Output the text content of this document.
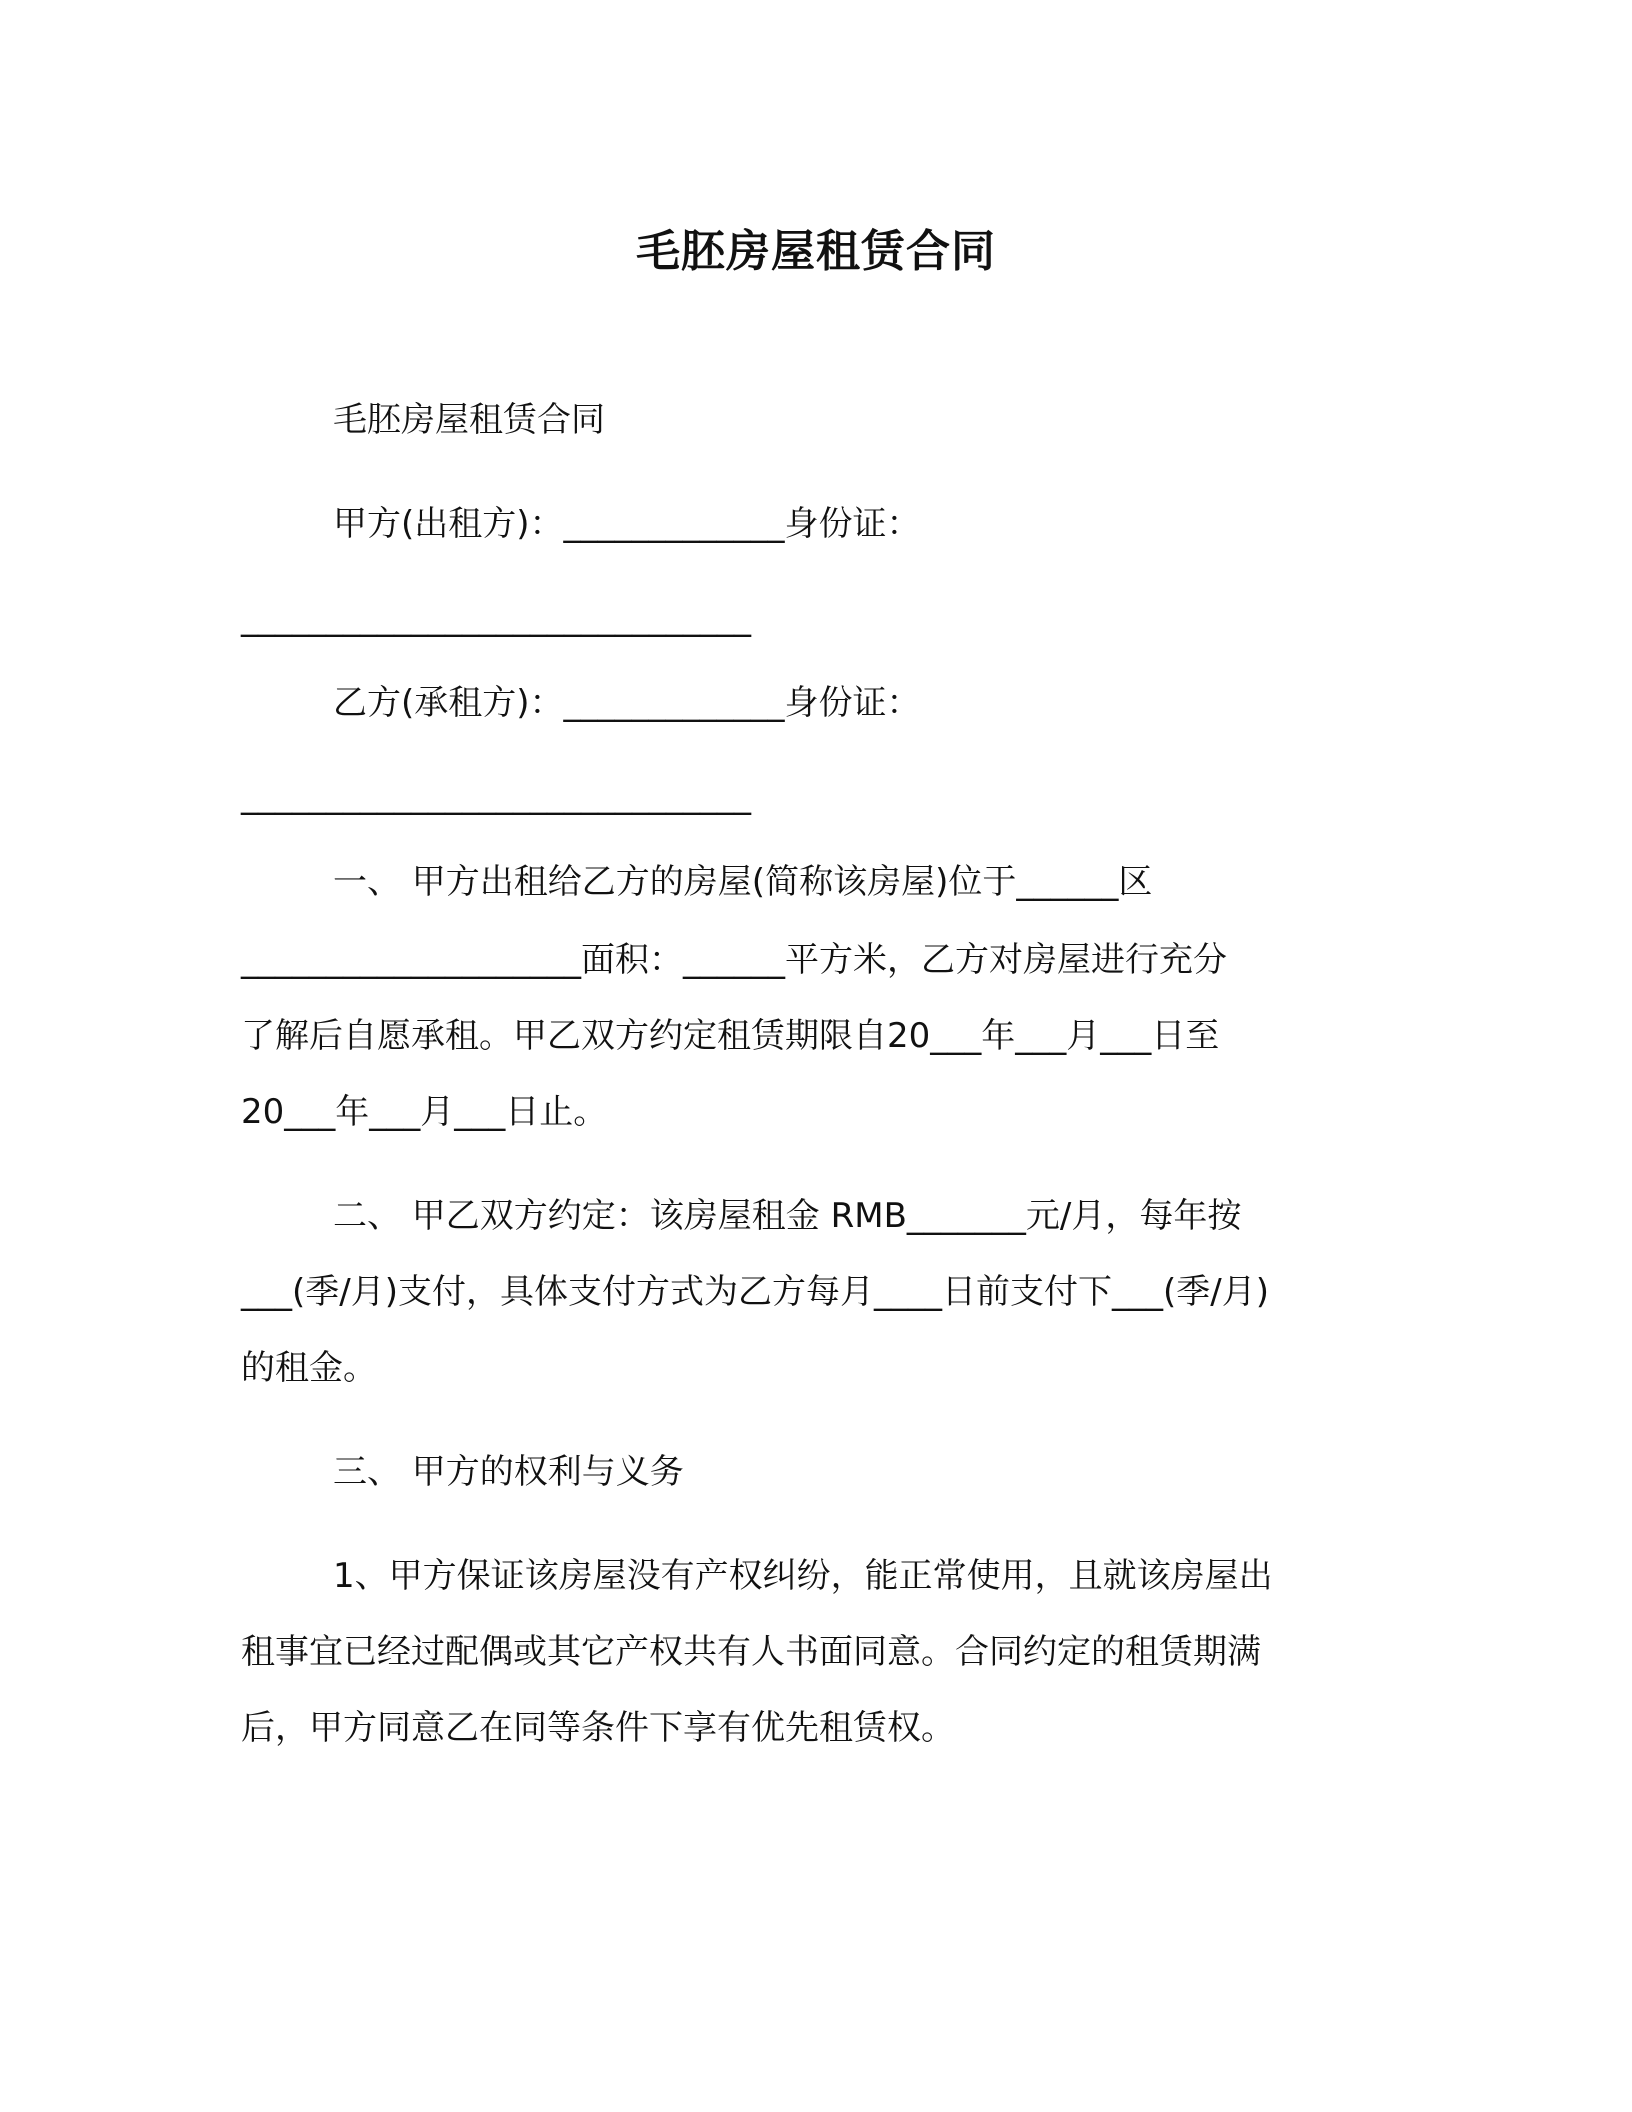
毛胚房屋租赁合同
毛胚房屋租赁合同
甲方(出租方)：_____________身份证：
______________________________
乙方(承租方)：_____________身份证：
______________________________
一、 甲方出租给乙方的房屋(简称该房屋)位于______区
____________________面积：______平方米，乙方对房屋进行充分
了解后自愿承租。甲乙双方约定租赁期限自20___年___月___日至
20___年___月___日止。
二、 甲乙双方约定：该房屋租金 RMB_______元/月，每年按
___(季/月)支付，具体支付方式为乙方每月____日前支付下___(季/月)
的租金。
三、 甲方的权利与义务
1、甲方保证该房屋没有产权纠纷，能正常使用，且就该房屋出
租事宜已经过配偶或其它产权共有人书面同意。合同约定的租赁期满
后，甲方同意乙在同等条件下享有优先租赁权。
